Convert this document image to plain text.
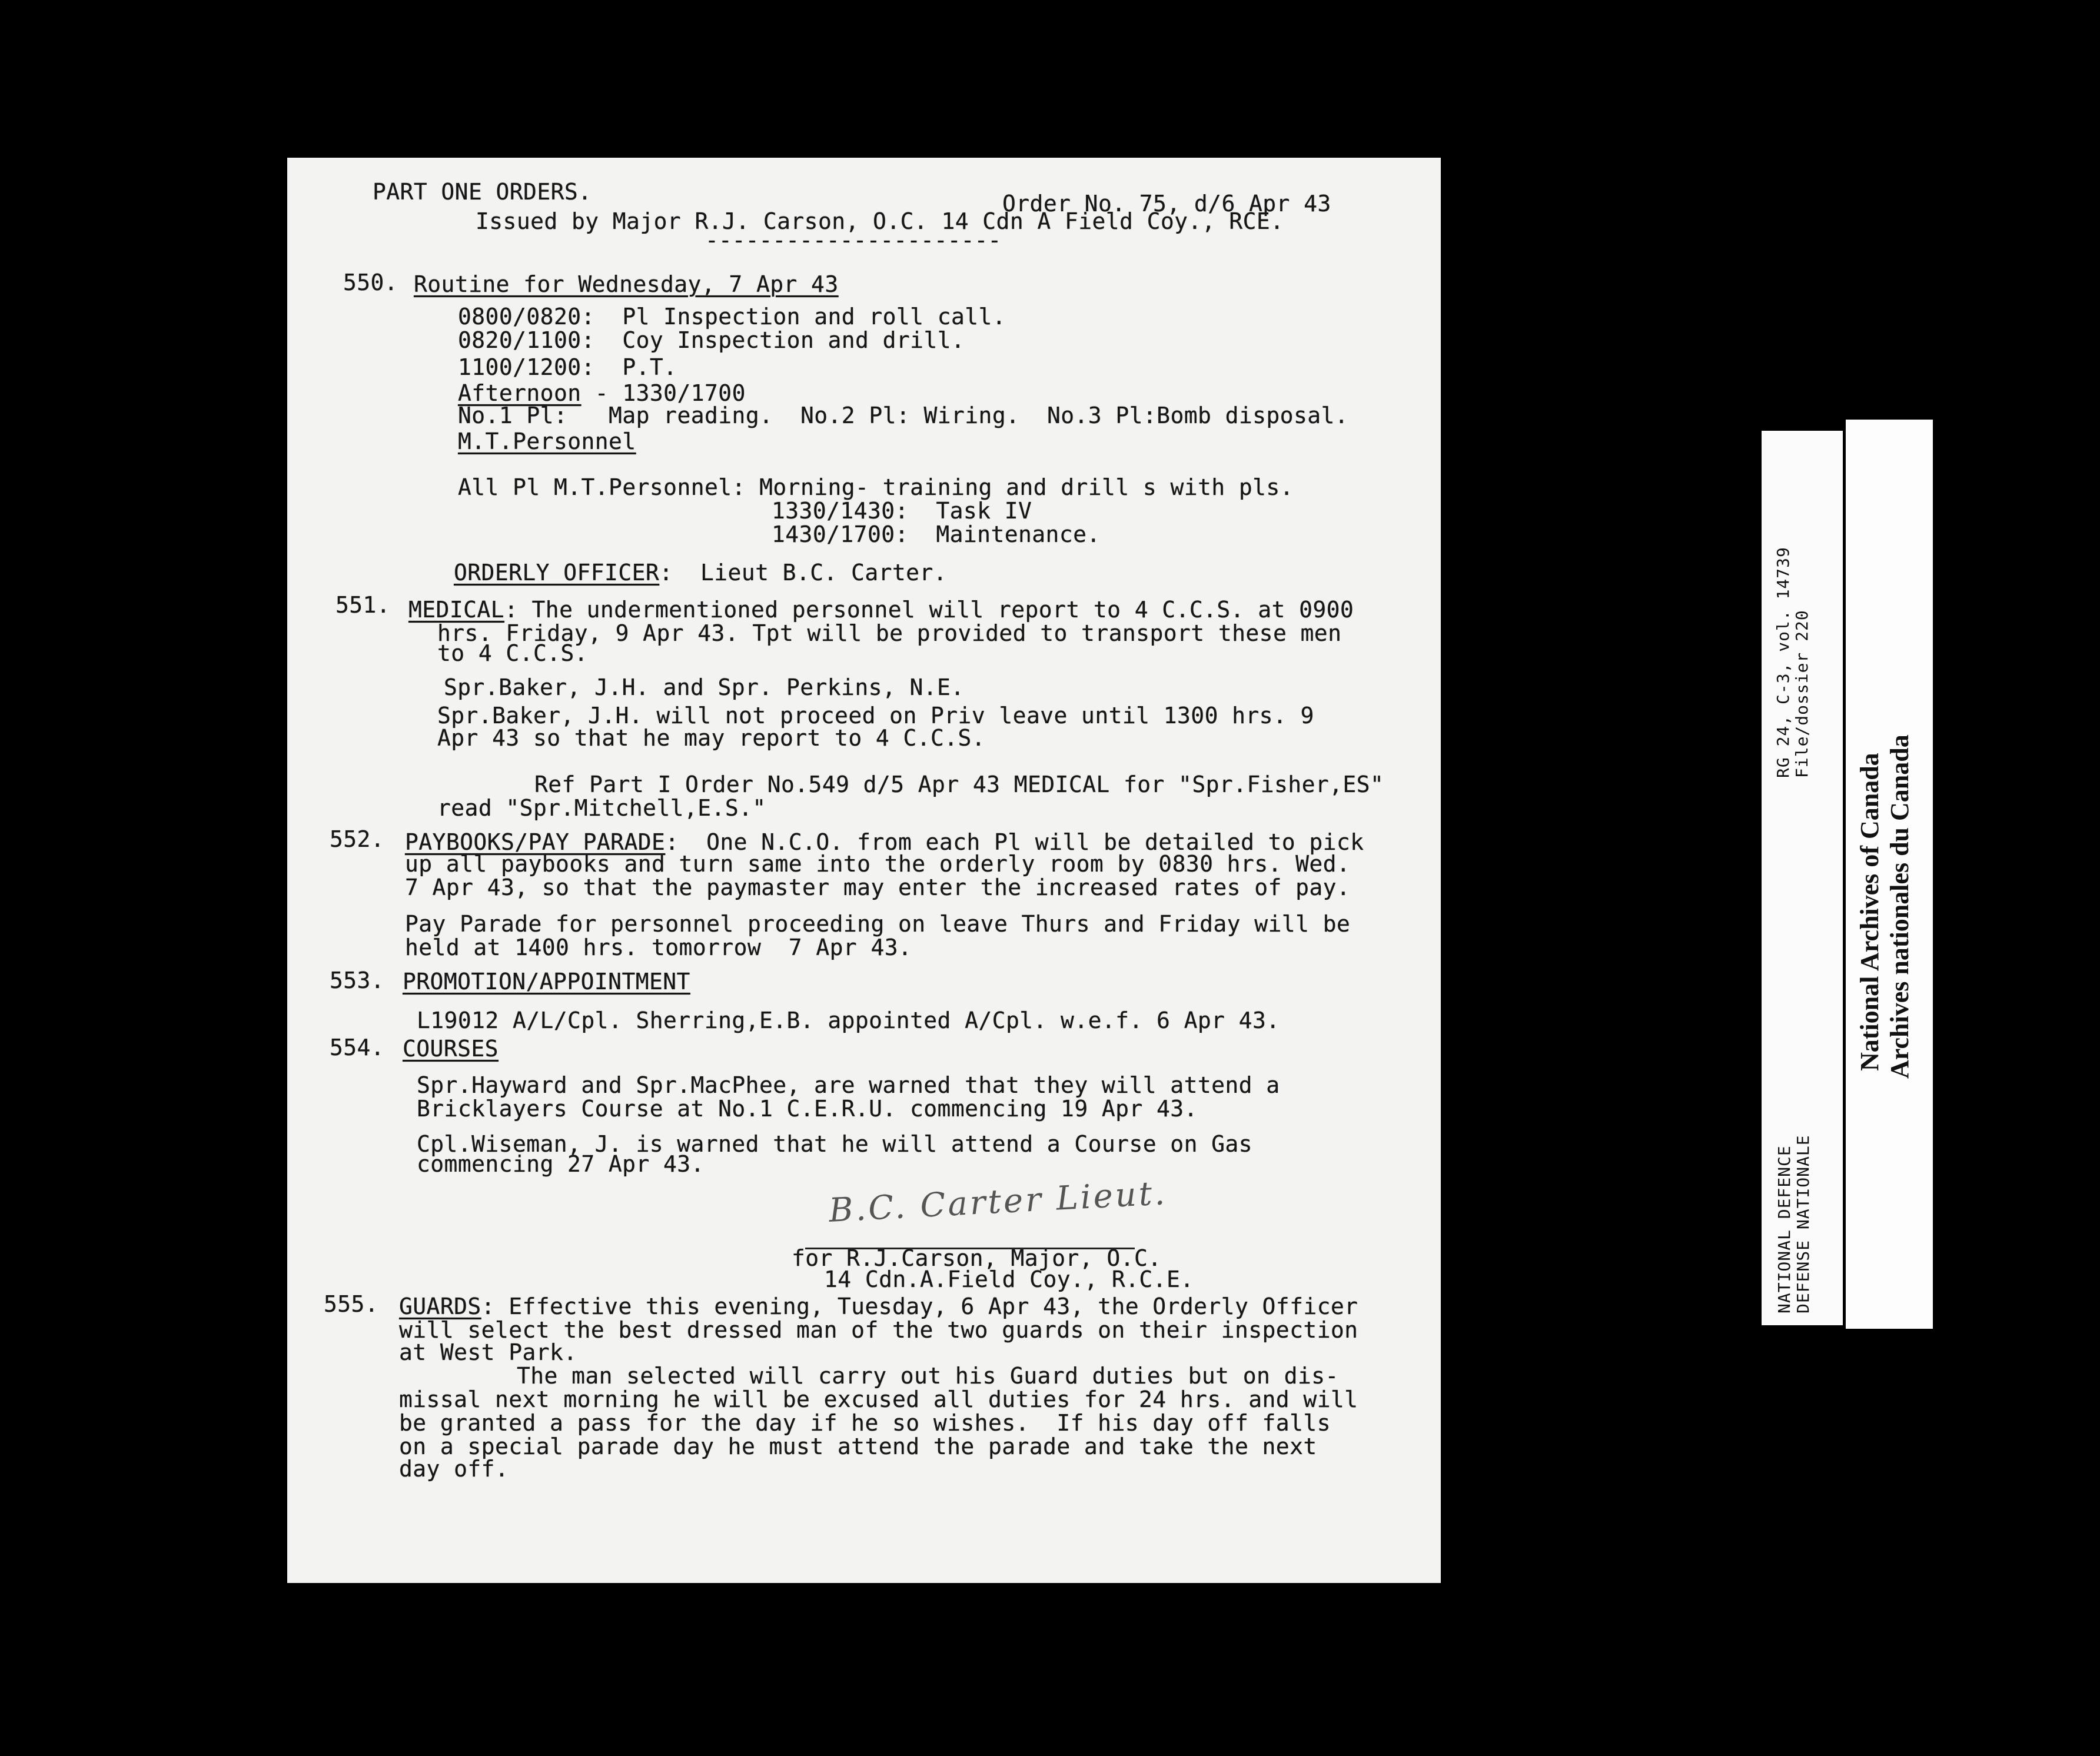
PART ONE ORDERS.	Order No. 75, d/6 Apr 43
Issued by Major R.J. Carson, O.C. 14 Cdn A Field Coy., RCE.
----------------------
550. Routine for Wednesday, 7 Apr 43
0800/0820:  Pl Inspection and roll call.
0820/1100:  Coy Inspection and drill.
1100/1200:  P.T.
Afternoon - 1330/1700
No.1 Pl:   Map reading.  No.2 Pl: Wiring.  No.3 Pl:Bomb disposal.
M.T.Personnel
All Pl M.T.Personnel: Morning- training and drill s with pls.
1330/1430:  Task IV
1430/1700:  Maintenance.
ORDERLY OFFICER:  Lieut B.C. Carter.
551. MEDICAL: The undermentioned personnel will report to 4 C.C.S. at 0900
hrs. Friday, 9 Apr 43. Tpt will be provided to transport these men
to 4 C.C.S.
Spr.Baker, J.H. and Spr. Perkins, N.E.
Spr.Baker, J.H. will not proceed on Priv leave until 1300 hrs. 9
Apr 43 so that he may report to 4 C.C.S.
Ref Part I Order No.549 d/5 Apr 43 MEDICAL for "Spr.Fisher,ES"
read "Spr.Mitchell,E.S."
552. PAYBOOKS/PAY PARADE:  One N.C.O. from each Pl will be detailed to pick
up all paybooks and turn same into the orderly room by 0830 hrs. Wed.
7 Apr 43, so that the paymaster may enter the increased rates of pay.
Pay Parade for personnel proceeding on leave Thurs and Friday will be
held at 1400 hrs. tomorrow  7 Apr 43.
553. PROMOTION/APPOINTMENT
L19012 A/L/Cpl. Sherring,E.B. appointed A/Cpl. w.e.f. 6 Apr 43.
554. COURSES
Spr.Hayward and Spr.MacPhee, are warned that they will attend a
Bricklayers Course at No.1 C.E.R.U. commencing 19 Apr 43.
Cpl.Wiseman, J. is warned that he will attend a Course on Gas
commencing 27 Apr 43.
B.C. Carter Lieut.
for R.J.Carson, Major, O.C.
14 Cdn.A.Field Coy., R.C.E.
555. GUARDS: Effective this evening, Tuesday, 6 Apr 43, the Orderly Officer
will select the best dressed man of the two guards on their inspection
at West Park.
The man selected will carry out his Guard duties but on dis-
missal next morning he will be excused all duties for 24 hrs. and will
be granted a pass for the day if he so wishes.  If his day off falls
on a special parade day he must attend the parade and take the next
day off.
RG 24, C-3, vol. 14739 File/dossier 220
NATIONAL DEFENCE DEFENSE NATIONALE
National Archives of Canada Archives nationales du Canada
